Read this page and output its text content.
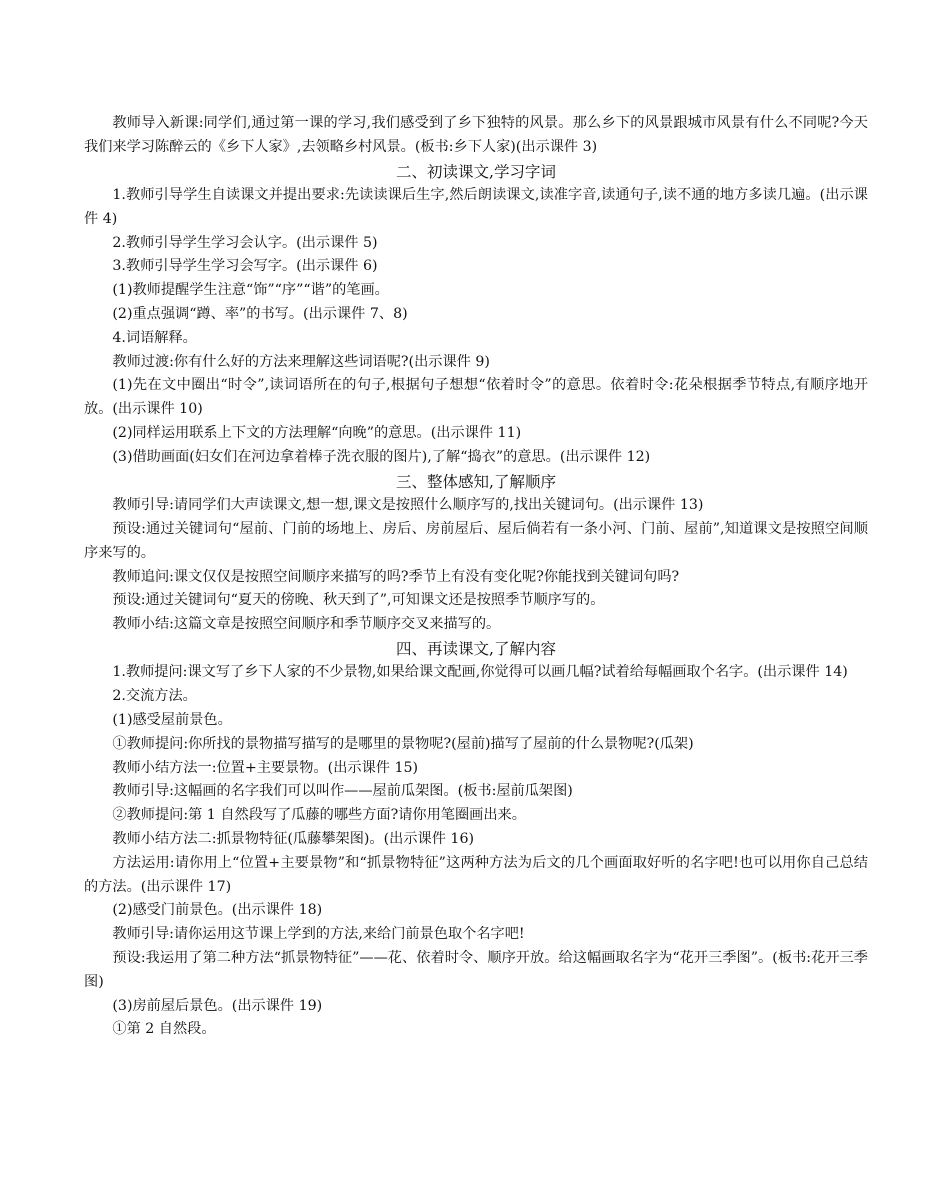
教师导入新课:同学们,通过第一课的学习,我们感受到了乡下独特的风景。那么乡下的风景跟城市风景有什么不同呢?今天我们来学习陈醉云的《乡下人家》,去领略乡村风景。(板书:乡下人家)(出示课件 3)

二、初读课文,学习字词

1.教师引导学生自读课文并提出要求:先读读课后生字,然后朗读课文,读准字音,读通句子,读不通的地方多读几遍。(出示课件 4)

2.教师引导学生学习会认字。(出示课件 5)

3.教师引导学生学习会写字。(出示课件 6)

(1)教师提醒学生注意“饰”“序”“谐”的笔画。

(2)重点强调“蹲、率”的书写。(出示课件 7、8)

4.词语解释。

教师过渡:你有什么好的方法来理解这些词语呢?(出示课件 9)

(1)先在文中圈出“时令”,读词语所在的句子,根据句子想想“依着时令”的意思。依着时令:花朵根据季节特点,有顺序地开放。(出示课件 10)

(2)同样运用联系上下文的方法理解“向晚”的意思。(出示课件 11)

(3)借助画面(妇女们在河边拿着棒子洗衣服的图片),了解“捣衣”的意思。(出示课件 12)

三、整体感知,了解顺序

教师引导:请同学们大声读课文,想一想,课文是按照什么顺序写的,找出关键词句。(出示课件 13)

预设:通过关键词句“屋前、门前的场地上、房后、房前屋后、屋后倘若有一条小河、门前、屋前”,知道课文是按照空间顺序来写的。

教师追问:课文仅仅是按照空间顺序来描写的吗?季节上有没有变化呢?你能找到关键词句吗?

预设:通过关键词句“夏天的傍晚、秋天到了”,可知课文还是按照季节顺序写的。

教师小结:这篇文章是按照空间顺序和季节顺序交叉来描写的。

四、再读课文,了解内容

1.教师提问:课文写了乡下人家的不少景物,如果给课文配画,你觉得可以画几幅?试着给每幅画取个名字。(出示课件 14)

2.交流方法。

(1)感受屋前景色。

①教师提问:你所找的景物描写描写的是哪里的景物呢?(屋前)描写了屋前的什么景物呢?(瓜架)

教师小结方法一:位置+主要景物。(出示课件 15)

教师引导:这幅画的名字我们可以叫作——屋前瓜架图。(板书:屋前瓜架图)

②教师提问:第 1 自然段写了瓜藤的哪些方面?请你用笔圈画出来。

教师小结方法二:抓景物特征(瓜藤攀架图)。(出示课件 16)

方法运用:请你用上“位置+主要景物”和“抓景物特征”这两种方法为后文的几个画面取好听的名字吧!也可以用你自己总结的方法。(出示课件 17)

(2)感受门前景色。(出示课件 18)

教师引导:请你运用这节课上学到的方法,来给门前景色取个名字吧!

预设:我运用了第二种方法“抓景物特征”——花、依着时令、顺序开放。给这幅画取名字为“花开三季图”。(板书:花开三季图)

(3)房前屋后景色。(出示课件 19)

①第 2 自然段。
